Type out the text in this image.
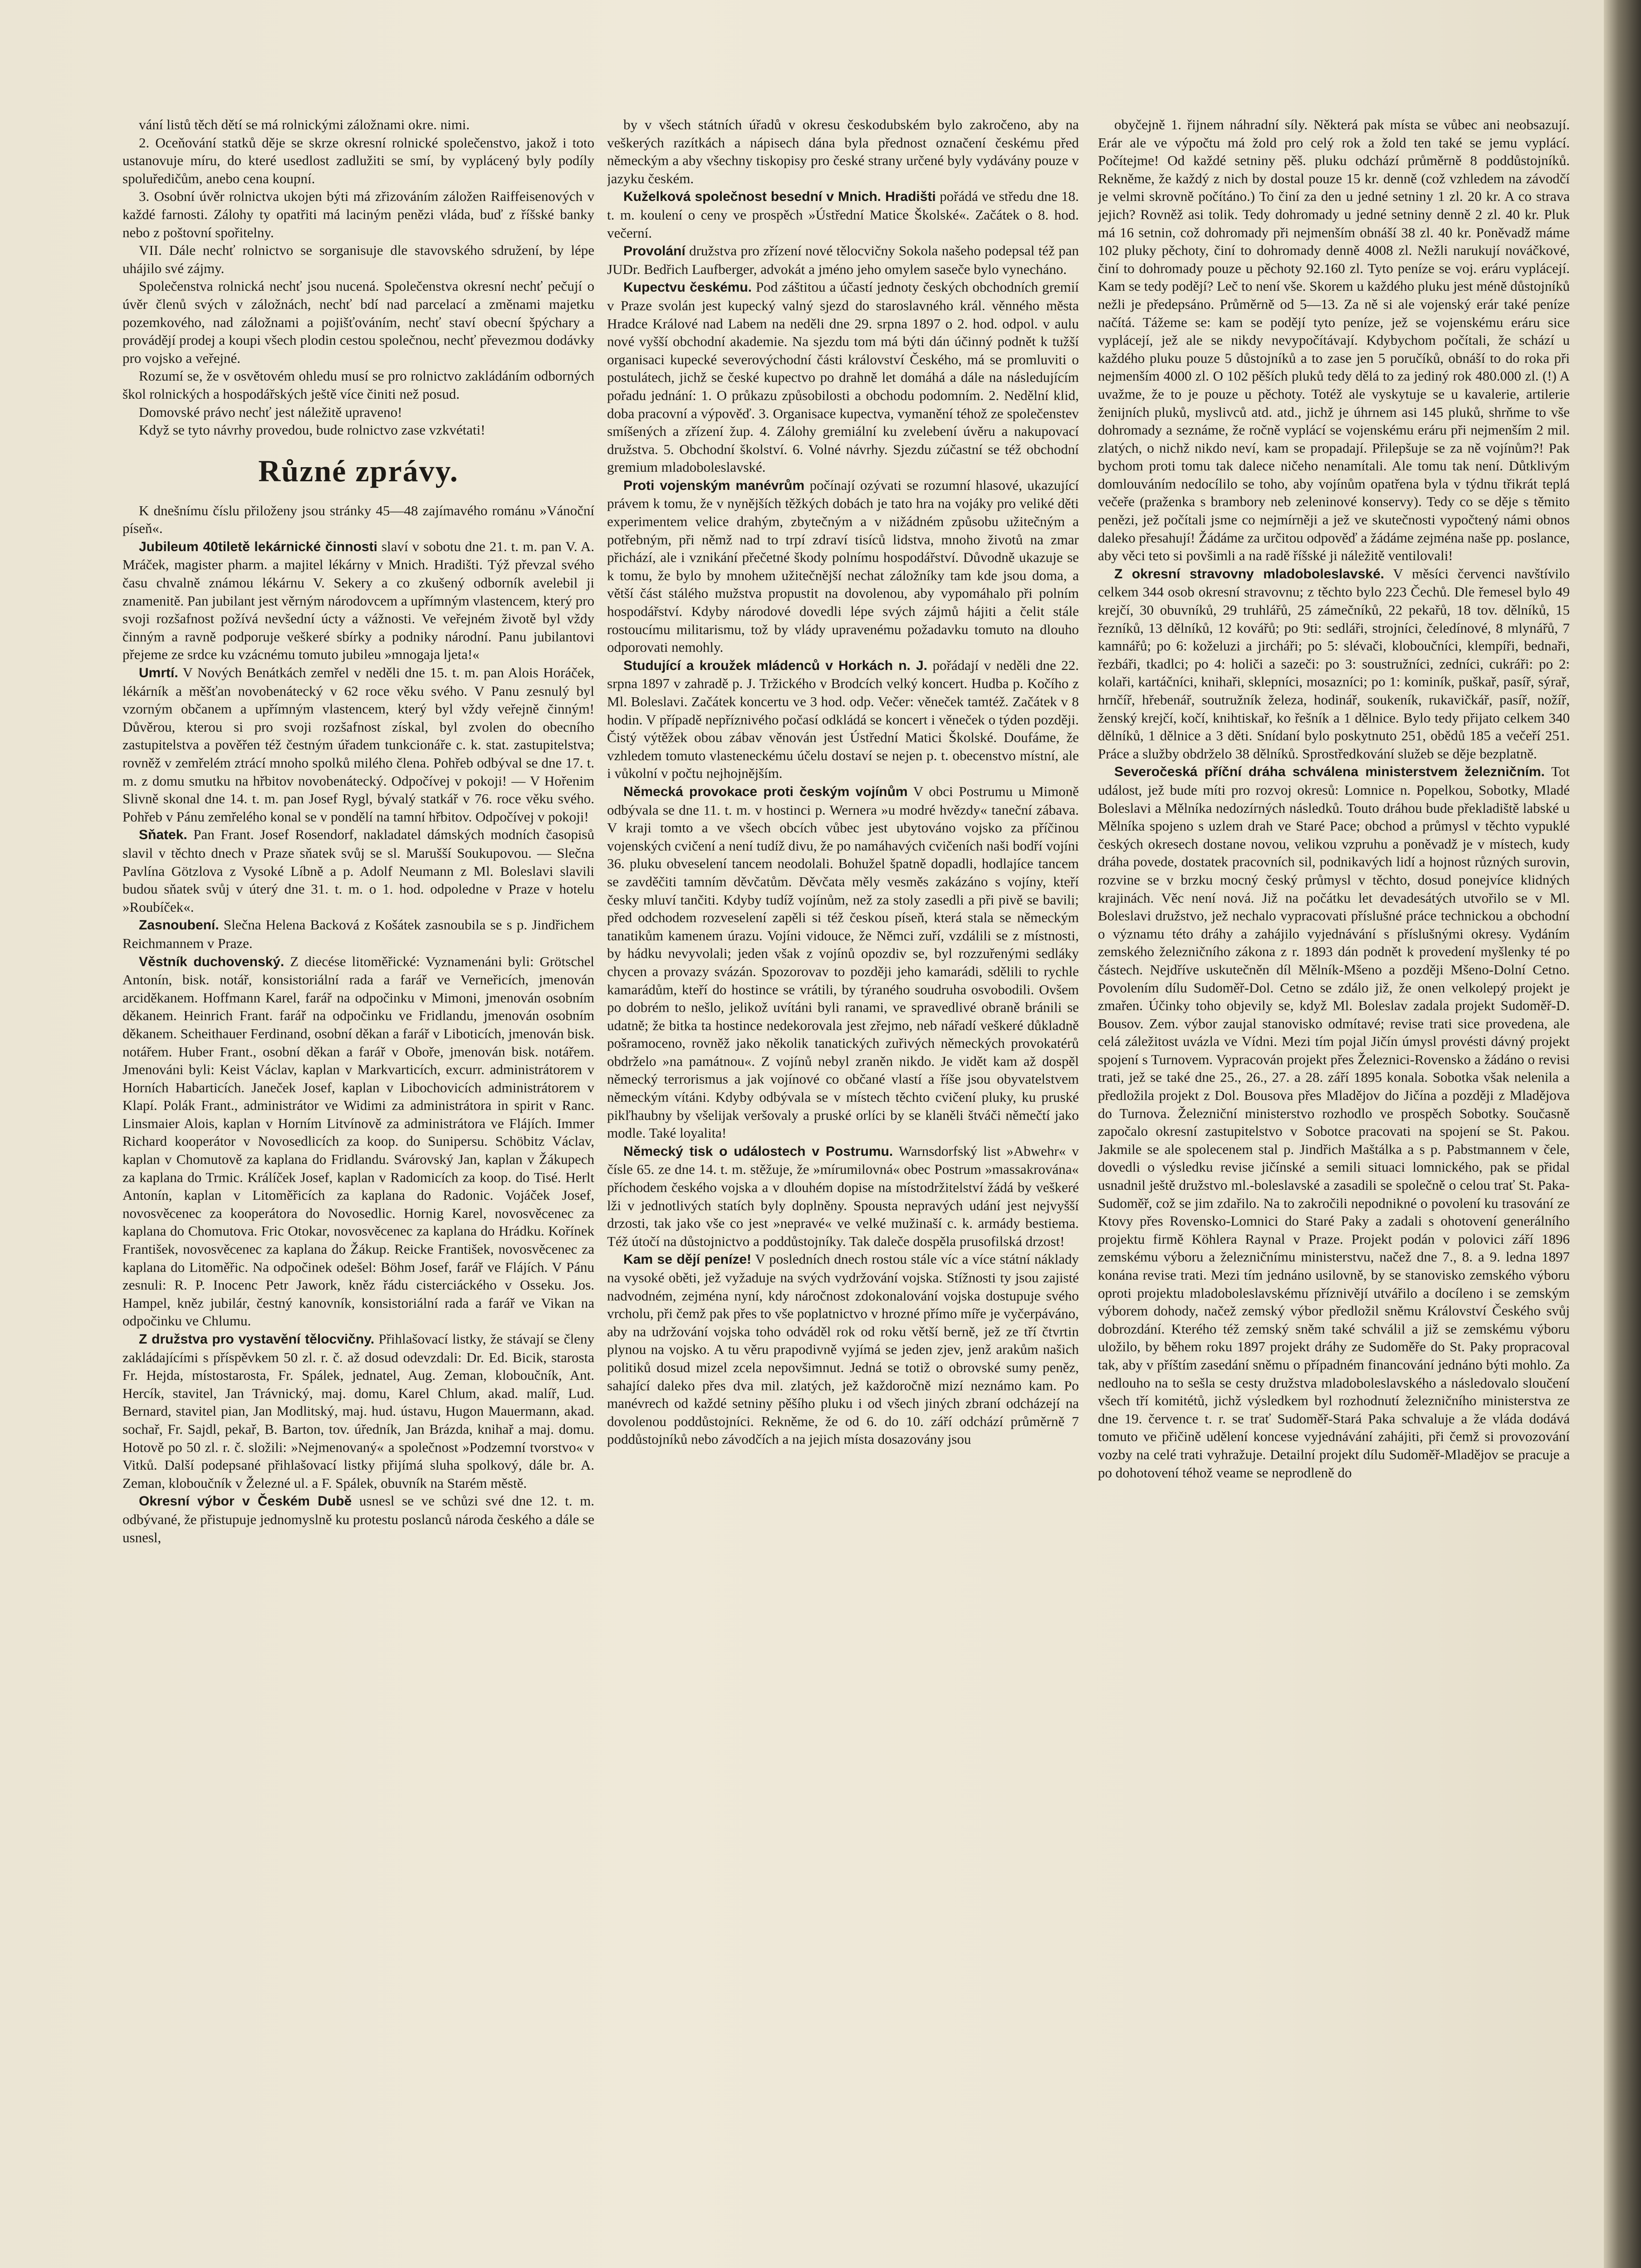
vání listů těch dětí se má rolnickými záložnami okre. nimi.

2. Oceňování statků děje se skrze okresní rolnické společenstvo, jakož i toto ustanovuje míru, do které usedlost zadlužiti se smí, by vyplácený byly podíly spoluředičům, anebo cena koupní.

3. Osobní úvěr rolnictva ukojen býti má zřizováním záložen Raiffeisenových v každé farnosti. Zálohy ty opatřiti má laciným penězi vláda, buď z říšské banky nebo z poštovní spořitelny.

VII. Dále nechť rolnictvo se sorganisuje dle stavovského sdružení, by lépe uhájilo své zájmy.

Společenstva rolnická nechť jsou nucená. Společenstva okresní nechť pečují o úvěr členů svých v záložnách, nechť bdí nad parcelací a změnami majetku pozemkového, nad záložnami a pojišťováním, nechť staví obecní špýchary a provádějí prodej a koupi všech plodin cestou společnou, nechť převezmou dodávky pro vojsko a veřejné.

Rozumí se, že v osvětovém ohledu musí se pro rolnictvo zakládáním odborných škol rolnických a hospodářských ještě více činiti než posud.

Domovské právo nechť jest náležitě upraveno!

Když se tyto návrhy provedou, bude rolnictvo zase vzkvétati!

Různé zprávy.

K dnešnímu číslu přiloženy jsou stránky 45—48 zajímavého románu »Vánoční píseň«.

Jubileum 40tiletě lekárnické činnosti slaví v sobotu dne 21. t. m. pan V. A. Mráček, magister pharm. a majitel lékárny v Mnich. Hradišti. Týž převzal svého času chvalně známou lékárnu V. Sekery a co zkušený odborník avelebil ji znamenitě. Pan jubilant jest věrným národovcem a upřímným vlastencem, který pro svoji rozšafnost požívá nevšední úcty a vážnosti. Ve veřejném životě byl vždy činným a ravně podporuje veškeré sbírky a podniky národní. Panu jubilantovi přejeme ze srdce ku vzácnému tomuto jubileu »mnogaja ljeta!«

Umrtí. V Nových Benátkách zemřel v neděli dne 15. t. m. pan Alois Horáček, lékárník a měšťan novobenátecký v 62 roce věku svého. V Panu zesnulý byl vzorným občanem a upřímným vlastencem, který byl vždy veřejně činným! Důvěrou, kterou si pro svoji rozšafnost získal, byl zvolen do obecního zastupitelstva a pověřen též čestným úřadem tunkcionáře c. k. stat. zastupitelstva; rovněž v zemřelém ztrácí mnoho spolků milého člena. Pohřeb odbýval se dne 17. t. m. z domu smutku na hřbitov novobenátecký. Odpočívej v pokoji! — V Hořenim Slivně skonal dne 14. t. m. pan Josef Rygl, bývalý statkář v 76. roce věku svého. Pohřeb v Pánu zemřelého konal se v pondělí na tamní hřbitov. Odpočívej v pokoji!

Sňatek. Pan Frant. Josef Rosendorf, nakladatel dámských modních časopisů slavil v těchto dnech v Praze sňatek svůj se sl. Marušší Soukupovou. — Slečna Pavlína Götzlova z Vysoké Líbně a p. Adolf Neumann z Ml. Boleslavi slavili budou sňatek svůj v úterý dne 31. t. m. o 1. hod. odpoledne v Praze v hotelu »Roubíček«.

Zasnoubení. Slečna Helena Backová z Košátek zasnoubila se s p. Jindřichem Reichmannem v Praze.

Věstník duchovenský. Z diecése litoměřické: Vyznamenáni byli: Grötschel Antonín, bisk. notář, konsistoriální rada a farář ve Verneřicích, jmenován arciděkanem. Hoffmann Karel, farář na odpočinku v Mimoni, jmenován osobním děkanem. Heinrich Frant. farář na odpočinku ve Fridlandu, jmenován osobním děkanem. Scheithauer Ferdinand, osobní děkan a farář v Liboticích, jmenován bisk. notářem. Huber Frant., osobní děkan a farář v Oboře, jmenován bisk. notářem. Jmenováni byli: Keist Václav, kaplan v Markvarticích, excurr. administrátorem v Horních Habarticích. Janeček Josef, kaplan v Libochovicích administrátorem v Klapí. Polák Frant., administrátor ve Widimi za administrátora in spirit v Ranc. Linsmaier Alois, kaplan v Horním Litvínově za administrátora ve Flájích. Immer Richard kooperátor v Novosedlicích za koop. do Sunipersu. Schöbitz Václav, kaplan v Chomutově za kaplana do Fridlandu. Svárovský Jan, kaplan v Žákupech za kaplana do Trmic. Králíček Josef, kaplan v Radomicích za koop. do Tisé. Herlt Antonín, kaplan v Litoměřicích za kaplana do Radonic. Vojáček Josef, novosvěcenec za kooperátora do Novosedlic. Hornig Karel, novosvěcenec za kaplana do Chomutova. Fric Otokar, novosvěcenec za kaplana do Hrádku. Kořínek František, novosvěcenec za kaplana do Žákup. Reicke František, novosvěcenec za kaplana do Litoměřic. Na odpočinek odešel: Böhm Josef, farář ve Flájích. V Pánu zesnuli: R. P. Inocenc Petr Jawork, kněz řádu cisterciáckého v Osseku. Jos. Hampel, kněz jubilár, čestný kanovník, konsistoriální rada a farář ve Vikan na odpočinku ve Chlumu.

Z družstva pro vystavění tělocvičny. Přihlašovací listky, že stávají se členy zakládajícími s příspěvkem 50 zl. r. č. až dosud odevzdali: Dr. Ed. Bicik, starosta Fr. Hejda, místostarosta, Fr. Spálek, jednatel, Aug. Zeman, kloboučník, Ant. Hercík, stavitel, Jan Trávnický, maj. domu, Karel Chlum, akad. malíř, Lud. Bernard, stavitel pian, Jan Modlitský, maj. hud. ústavu, Hugon Mauermann, akad. sochař, Fr. Sajdl, pekař, B. Barton, tov. úředník, Jan Brázda, knihař a maj. domu. Hotově po 50 zl. r. č. složili: »Nejmenovaný« a společnost »Podzemní tvorstvo« v Vitků. Další podepsané přihlašovací listky přijímá sluha spolkový, dále br. A. Zeman, kloboučník v Železné ul. a F. Spálek, obuvník na Starém městě.

Okresní výbor v Českém Dubě usnesl se ve schůzi své dne 12. t. m. odbývané, že přistupuje jednomyslně ku protestu poslanců národa českého a dále se usnesl,

by v všech státních úřadů v okresu českodubském bylo zakročeno, aby na veškerých razítkách a nápisech dána byla přednost označení českému před německým a aby všechny tiskopisy pro české strany určené byly vydávány pouze v jazyku českém.

Kuželková společnost besední v Mnich. Hradišti pořádá ve středu dne 18. t. m. koulení o ceny ve prospěch »Ústřední Matice Školské«. Začátek o 8. hod. večerní.

Provolání družstva pro zřízení nové tělocvičny Sokola našeho podepsal též pan JUDr. Bedřich Laufberger, advokát a jméno jeho omylem saseče bylo vynecháno.

Kupectvu českému. Pod záštitou a účastí jednoty českých obchodních gremií v Praze svolán jest kupecký valný sjezd do staroslavného král. věnného města Hradce Králové nad Labem na neděli dne 29. srpna 1897 o 2. hod. odpol. v aulu nové vyšší obchodní akademie. Na sjezdu tom má býti dán účinný podnět k tužší organisaci kupecké severovýchodní části království Českého, má se promluviti o postulátech, jichž se české kupectvo po drahně let domáhá a dále na následujícím pořadu jednání: 1. O průkazu způsobilosti a obchodu podomním. 2. Nedělní klid, doba pracovní a výpověď. 3. Organisace kupectva, vymanění téhož ze společenstev smíšených a zřízení žup. 4. Zálohy gremiální ku zvelebení úvěru a nakupovací družstva. 5. Obchodní školství. 6. Volné návrhy. Sjezdu zúčastní se též obchodní gremium mladoboleslavské.

Proti vojenským manévrům počínají ozývati se rozumní hlasové, ukazující právem k tomu, že v nynějších těžkých dobách je tato hra na vojáky pro veliké děti experimentem velice drahým, zbytečným a v nižádném způsobu užitečným a potřebným, při němž nad to trpí zdraví tisíců lidstva, mnoho životů na zmar přichází, ale i vznikání přečetné škody polnímu hospodářství. Důvodně ukazuje se k tomu, že bylo by mnohem užitečnější nechat záložníky tam kde jsou doma, a větší část stálého mužstva propustit na dovolenou, aby vypomáhalo při polním hospodářství. Kdyby národové dovedli lépe svých zájmů hájiti a čelit stále rostoucímu militarismu, tož by vlády upravenému požadavku tomuto na dlouho odporovati nemohly.

Studující a kroužek mládenců v Horkách n. J. pořádají v neděli dne 22. srpna 1897 v zahradě p. J. Tržického v Brodcích velký koncert. Hudba p. Kočího z Ml. Boleslavi. Začátek koncertu ve 3 hod. odp. Večer: věneček tamtéž. Začátek v 8 hodin. V případě nepříznivého počasí odkládá se koncert i věneček o týden později. Čistý výtěžek obou zábav věnován jest Ústřední Matici Školské. Doufáme, že vzhledem tomuto vlasteneckému účelu dostaví se nejen p. t. obecenstvo místní, ale i vůkolní v počtu nejhojnějším.

Německá provokace proti českým vojínům V obci Postrumu u Mimoně odbývala se dne 11. t. m. v hostinci p. Wernera »u modré hvězdy« taneční zábava. V kraji tomto a ve všech obcích vůbec jest ubytováno vojsko za příčinou vojenských cvičení a není tudíž divu, že po namáhavých cvičeních naši bodří vojíni 36. pluku obveselení tancem neodolali. Bohužel špatně dopadli, hodlajíce tancem se zavděčiti tamním děvčatům. Děvčata měly vesměs zakázáno s vojíny, kteří česky mluví tančiti. Kdyby tudíž vojínům, než za stoly zasedli a při pivě se bavili; před odchodem rozveselení zapěli si též českou píseň, která stala se německým tanatikům kamenem úrazu. Vojíni vidouce, že Němci zuří, vzdálili se z místnosti, by hádku nevyvolali; jeden však z vojínů opozdiv se, byl rozzuřenými sedláky chycen a provazy svázán. Spozorovav to později jeho kamarádi, sdělili to rychle kamarádům, kteří do hostince se vrátili, by týraného soudruha osvobodili. Ovšem po dobrém to nešlo, jelikož uvítáni byli ranami, ve spravedlivé obraně bránili se udatně; že bitka ta hostince nedekorovala jest zřejmo, neb nářadí veškeré důkladně pošramoceno, rovněž jako několik tanatických zuřivých německých provokatérů obdrželo »na památnou«. Z vojínů nebyl zraněn nikdo. Je vidět kam až dospěl německý terrorismus a jak vojínové co občané vlastí a říše jsou obyvatelstvem německým vítáni. Kdyby odbývala se v místech těchto cvičení pluky, ku pruské pikľhaubny by všelijak veršovaly a pruské orlíci by se klaněli štváči němečtí jako modle. Také loyalita!

Německý tisk o událostech v Postrumu. Warnsdorfský list »Abwehr« v čísle 65. ze dne 14. t. m. stěžuje, že »mírumilovná« obec Postrum »massakrována« příchodem českého vojska a v dlouhém dopise na místodržitelství žádá by veškeré lži v jednotlivých statích byly doplněny. Spousta nepravých udání jest nejvyšší drzosti, tak jako vše co jest »nepravé« ve velké mužinaší c. k. armády bestiema. Též útočí na důstojnictvo a poddůstojníky. Tak daleče dospěla prusofilská drzost!

Kam se dějí peníze! V posledních dnech rostou stále víc a více státní náklady na vysoké oběti, jež vyžaduje na svých vydržování vojska. Stížnosti ty jsou zajisté nadvodném, zejména nyní, kdy náročnost zdokonalování vojska dostupuje svého vrcholu, při čemž pak přes to vše poplatnictvo v hrozné přímo míře je vyčerpáváno, aby na udržování vojska toho odváděl rok od roku větší berně, jež ze tří čtvrtin plynou na vojsko. A tu věru prapodivně vyjímá se jeden zjev, jenž arakům našich politiků dosud mizel zcela nepovšimnut. Jedná se totiž o obrovské sumy peněz, sahající daleko přes dva mil. zlatých, jež každoročně mizí neznámo kam. Po manévrech od každé setniny pěšího pluku i od všech jiných zbraní odcházejí na dovolenou poddůstojníci. Rekněme, že od 6. do 10. září odchází průměrně 7 poddůstojníků nebo závodčích a na jejich místa dosazovány jsou

obyčejně 1. řijnem náhradní síly. Některá pak místa se vůbec ani neobsazují. Erár ale ve výpočtu má žold pro celý rok a žold ten také se jemu vyplácí. Počítejme! Od každé setniny pěš. pluku odchází průměrně 8 poddůstojníků. Rekněme, že každý z nich by dostal pouze 15 kr. denně (což vzhledem na závodčí je velmi skrovně počítáno.) To činí za den u jedné setniny 1 zl. 20 kr. A co strava jejich? Rovněž asi tolik. Tedy dohromady u jedné setniny denně 2 zl. 40 kr. Pluk má 16 setnin, což dohromady při nejmenším obnáší 38 zl. 40 kr. Poněvadž máme 102 pluky pěchoty, činí to dohromady denně 4008 zl. Nežli narukují nováčkové, činí to dohromady pouze u pěchoty 92.160 zl. Tyto peníze se voj. eráru vyplácejí. Kam se tedy podějí? Leč to není vše. Skorem u každého pluku jest méně důstojníků nežli je předepsáno. Průměrně od 5—13. Za ně si ale vojenský erár také peníze načítá. Tážeme se: kam se podějí tyto peníze, jež se vojenskému eráru sice vyplácejí, jež ale se nikdy nevypočítávají. Kdybychom počítali, že schází u každého pluku pouze 5 důstojníků a to zase jen 5 poručíků, obnáší to do roka při nejmenším 4000 zl. O 102 pěších pluků tedy dělá to za jediný rok 480.000 zl. (!) A uvažme, že to je pouze u pěchoty. Totéž ale vyskytuje se u kavalerie, artilerie ženijních pluků, myslivců atd. atd., jichž je úhrnem asi 145 pluků, shrňme to vše dohromady a seznáme, že ročně vyplácí se vojenskému eráru při nejmenším 2 mil. zlatých, o nichž nikdo neví, kam se propadají. Přilepšuje se za ně vojínům?! Pak bychom proti tomu tak dalece ničeho nenamítali. Ale tomu tak není. Důtklivým domlouváním nedocílilo se toho, aby vojínům opatřena byla v týdnu třikrát teplá večeře (praženka s brambory neb zeleninové konservy). Tedy co se děje s těmito penězi, jež počítali jsme co nejmírněji a jež ve skutečnosti vypočtený námi obnos daleko přesahují! Žádáme za určitou odpověď a žádáme zejména naše pp. poslance, aby věci teto si povšimli a na radě říšské ji náležitě ventilovali!

Z okresní stravovny mladoboleslavské. V měsíci červenci navštívilo celkem 344 osob okresní stravovnu; z těchto bylo 223 Čechů. Dle řemesel bylo 49 krejčí, 30 obuvníků, 29 truhlářů, 25 zámečníků, 22 pekařů, 18 tov. dělníků, 15 řezníků, 13 dělníků, 12 kovářů; po 9ti: sedláři, strojníci, čeledínové, 8 mlynářů, 7 kamnářů; po 6: koželuzi a jircháři; po 5: slévači, kloboučníci, klempíři, bednaři, řezbáři, tkadlci; po 4: holiči a sazeči: po 3: soustružníci, zedníci, cukráři: po 2: kolaři, kartáčníci, knihaři, sklepníci, mosazníci; po 1: kominík, puškař, pasíř, sýrař, hrnčíř, hřebenář, soutružník železa, hodinář, soukeník, rukavičkář, pasíř, nožíř, ženský krejčí, kočí, knihtiskař, ko řešník a 1 dělnice. Bylo tedy přijato celkem 340 dělníků, 1 dělnice a 3 děti. Snídaní bylo poskytnuto 251, obědů 185 a večeří 251. Práce a služby obdrželo 38 dělníků. Sprostředkování služeb se děje bezplatně.

Severočeská příční dráha schválena ministerstvem železničním. Tot událost, jež bude míti pro rozvoj okresů: Lomnice n. Popelkou, Sobotky, Mladé Boleslavi a Mělníka nedozírných následků. Touto dráhou bude překladiště labské u Mělníka spojeno s uzlem drah ve Staré Pace; obchod a průmysl v těchto vypuklé českých okresech dostane novou, velikou vzpruhu a poněvadž je v místech, kudy dráha povede, dostatek pracovních sil, podnikavých lidí a hojnost různých surovin, rozvine se v brzku mocný český průmysl v těchto, dosud ponejvíce klidných krajinách. Věc není nová. Již na počátku let devadesátých utvořilo se v Ml. Boleslavi družstvo, jež nechalo vypracovati příslušné práce technickou a obchodní o významu této dráhy a zahájilo vyjednávání s příslušnými okresy. Vydáním zemského železničního zákona z r. 1893 dán podnět k provedení myšlenky té po částech. Nejdříve uskutečněn díl Mělník-Mšeno a později Mšeno-Dolní Cetno. Povolením dílu Sudoměř-Dol. Cetno se zdálo již, že onen velkolepý projekt je zmařen. Účinky toho objevily se, když Ml. Boleslav zadala projekt Sudoměř-D. Bousov. Zem. výbor zaujal stanovisko odmítavé; revise trati sice provedena, ale celá záležitost uvázla ve Vídni. Mezi tím pojal Jičín úmysl provésti dávný projekt spojení s Turnovem. Vypracován projekt přes Železnici-Rovensko a žádáno o revisi trati, jež se také dne 25., 26., 27. a 28. září 1895 konala. Sobotka však nelenila a předložila projekt z Dol. Bousova přes Mladějov do Jičína a později z Mladějova do Turnova. Železniční ministerstvo rozhodlo ve prospěch Sobotky. Současně započalo okresní zastupitelstvo v Sobotce pracovati na spojení se St. Pakou. Jakmile se ale spolecenem stal p. Jindřich Maštálka a s p. Pabstmannem v čele, dovedli o výsledku revise jičínské a semili situaci lomnického, pak se přidal usnadnil ještě družstvo ml.-boleslavské a zasadili se společně o celou trať St. Paka-Sudoměř, což se jim zdařilo. Na to zakročili nepodnikné o povolení ku trasování ze Ktovy přes Rovensko-Lomnici do Staré Paky a zadali s ohotovení generálního projektu firmě Köhlera Raynal v Praze. Projekt podán v polovici září 1896 zemskému výboru a železničnímu ministerstvu, načež dne 7., 8. a 9. ledna 1897 konána revise trati. Mezi tím jednáno usilovně, by se stanovisko zemského výboru oproti projektu mladoboleslavskému příznivějí utvářilo a docíleno i se zemským výborem dohody, načež zemský výbor předložil sněmu Království Českého svůj dobrozdání. Kterého též zemský sněm také schválil a již se zemskému výboru uložilo, by během roku 1897 projekt dráhy ze Sudoměře do St. Paky propracoval tak, aby v příštím zasedání sněmu o případném financování jednáno býti mohlo. Za nedlouho na to sešla se cesty družstva mladoboleslavského a následovalo sloučení všech tří komitétů, jichž výsledkem byl rozhodnutí železničního ministerstva ze dne 19. července t. r. se trať Sudoměř-Stará Paka schvaluje a že vláda dodává tomuto ve přičině udělení koncese vyjednávání zahájiti, při čemž si provozování vozby na celé trati vyhražuje. Detailní projekt dílu Sudoměř-Mladějov se pracuje a po dohotovení téhož veame se neprodleně do
